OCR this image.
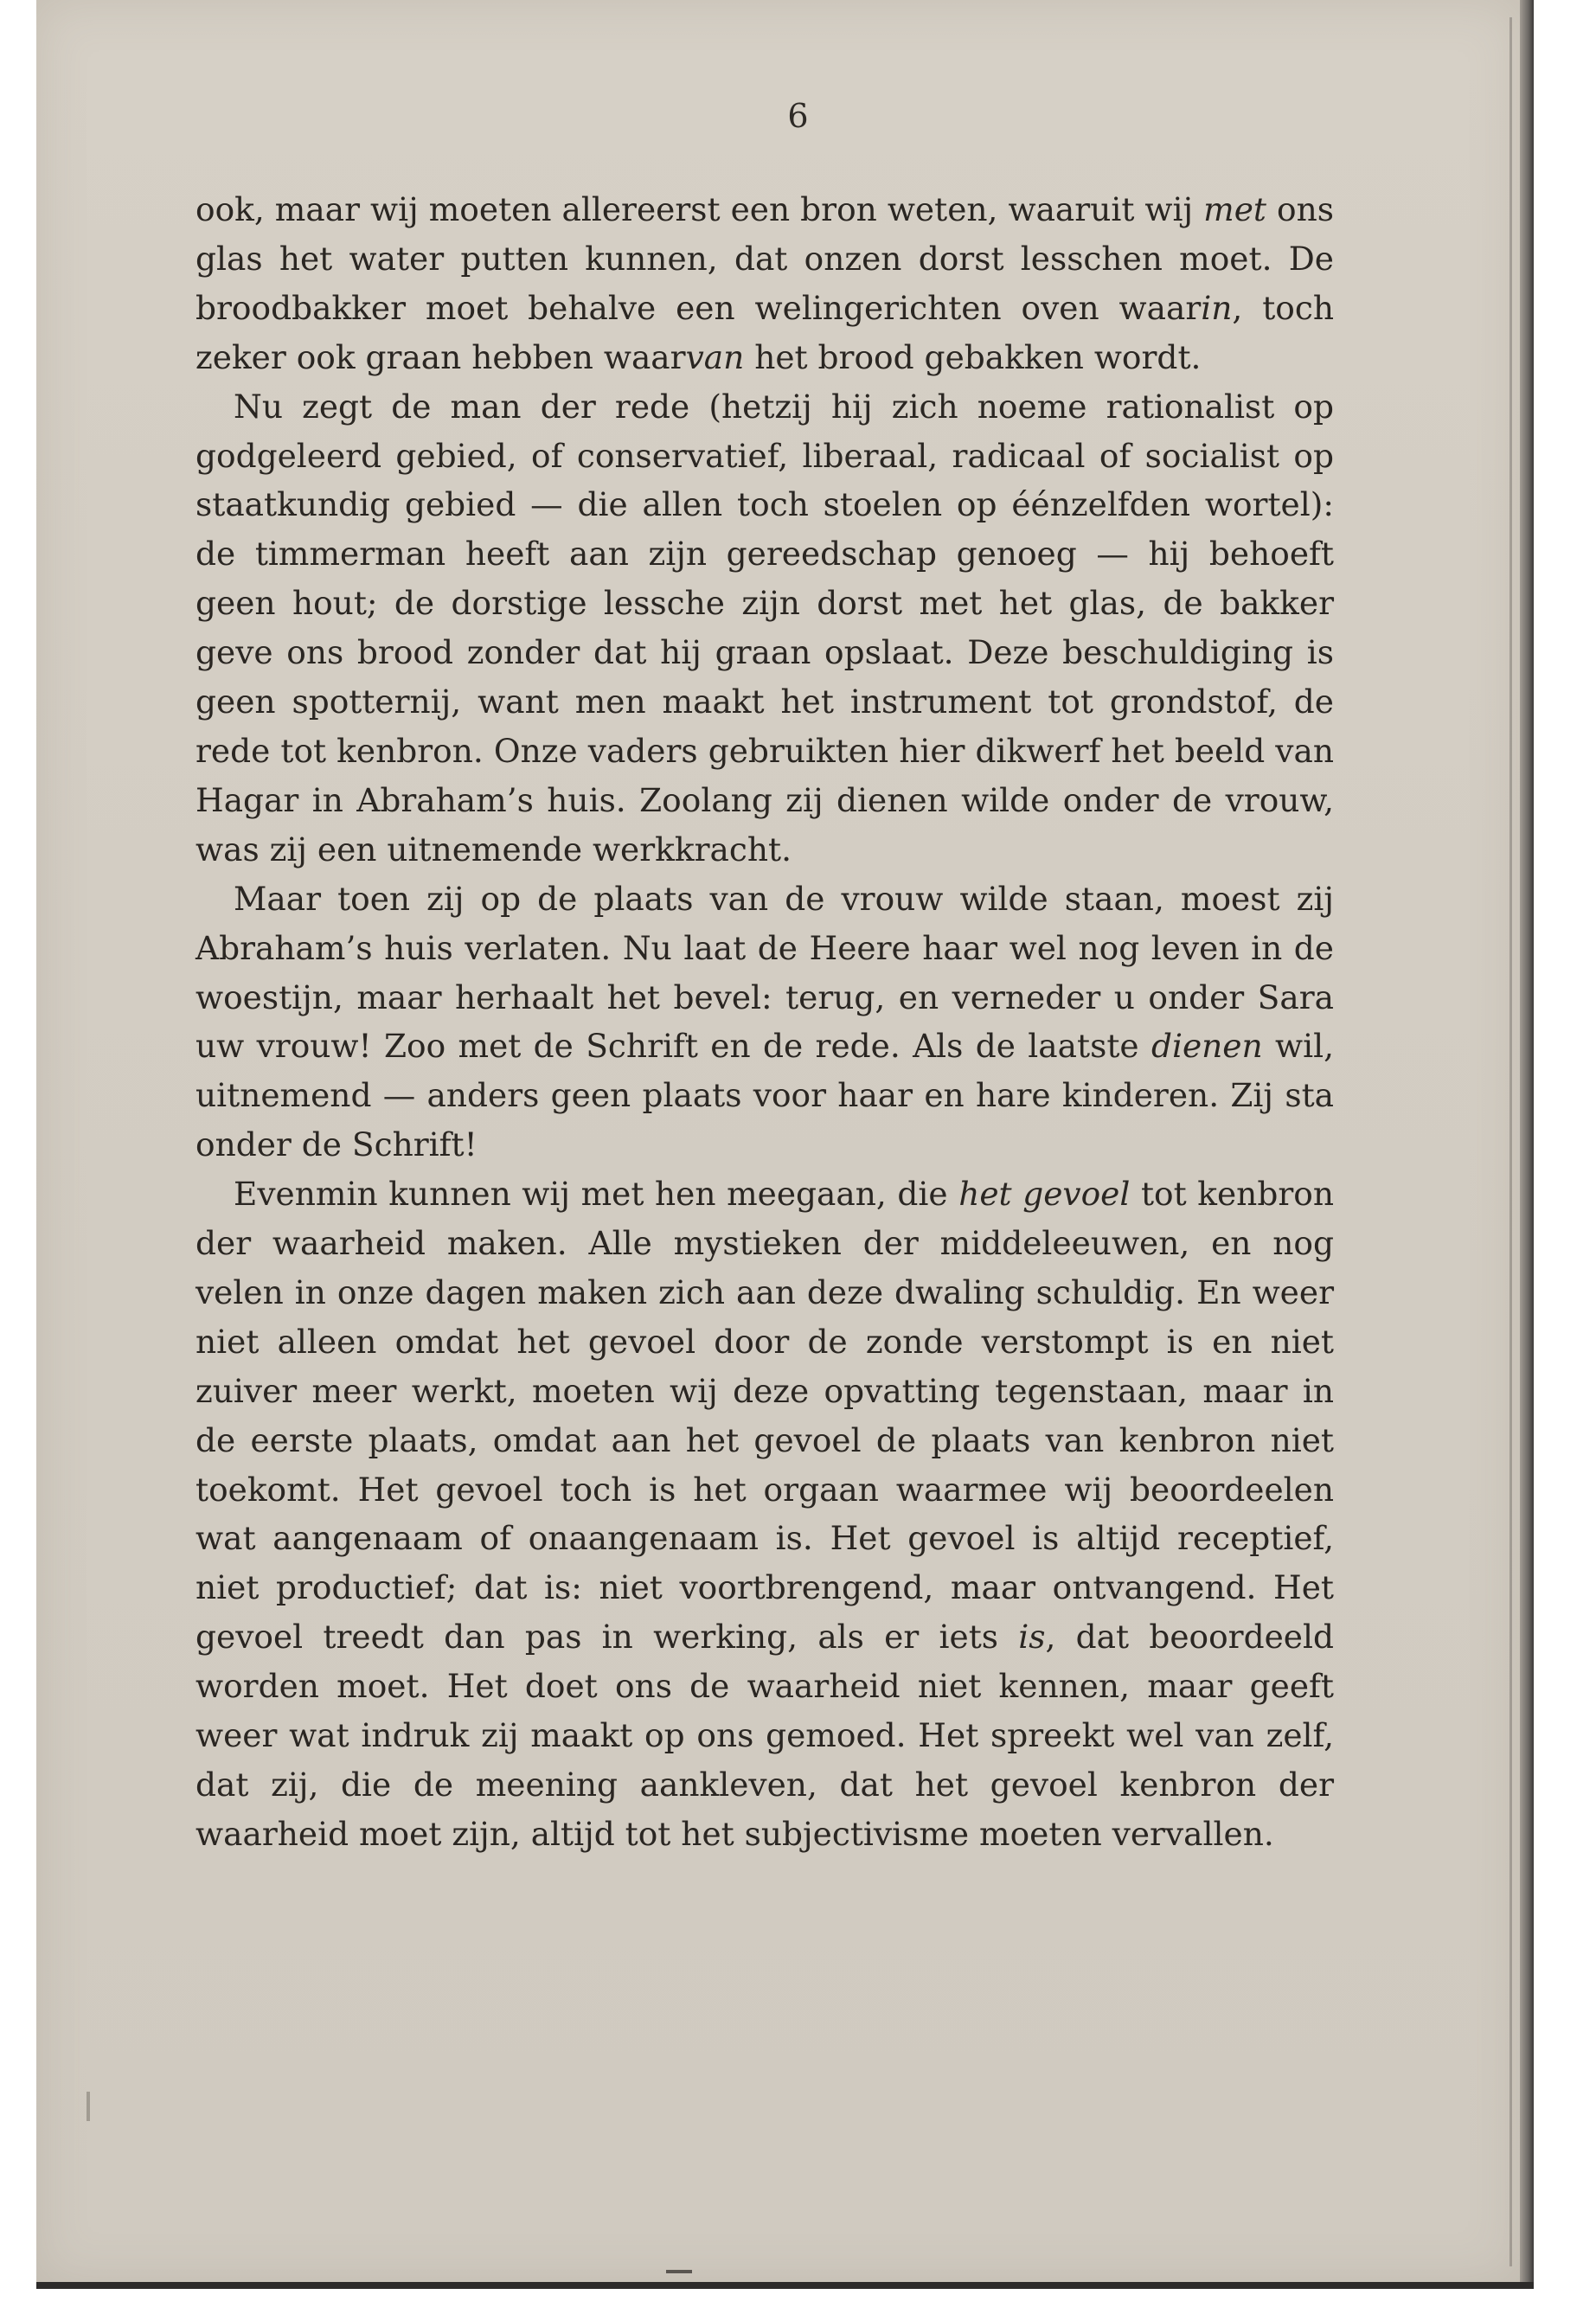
6

ook, maar wij moeten allereerst een bron weten, waaruit wij met ons glas het water putten kunnen, dat onzen dorst lesschen moet. De broodbakker moet behalve een welingerichten oven waarin, toch zeker ook graan hebben waarvan het brood gebakken wordt.

Nu zegt de man der rede (hetzij hij zich noeme rationalist op godgeleerd gebied, of conservatief, liberaal, radicaal of socialist op staatkundig gebied — die allen toch stoelen op éénzelfden wortel): de timmerman heeft aan zijn gereedschap genoeg — hij behoeft geen hout; de dorstige lessche zijn dorst met het glas, de bakker geve ons brood zonder dat hij graan opslaat. Deze beschuldiging is geen spotternij, want men maakt het instrument tot grondstof, de rede tot kenbron. Onze vaders gebruikten hier dikwerf het beeld van Hagar in Abraham’s huis. Zoolang zij dienen wilde onder de vrouw, was zij een uitnemende werkkracht.

Maar toen zij op de plaats van de vrouw wilde staan, moest zij Abraham’s huis verlaten. Nu laat de Heere haar wel nog leven in de woestijn, maar herhaalt het bevel: terug, en verneder u onder Sara uw vrouw! Zoo met de Schrift en de rede. Als de laatste dienen wil, uitnemend — anders geen plaats voor haar en hare kinderen. Zij sta onder de Schrift!

Evenmin kunnen wij met hen meegaan, die het gevoel tot kenbron der waarheid maken. Alle mystieken der middeleeuwen, en nog velen in onze dagen maken zich aan deze dwaling schuldig. En weer niet alleen omdat het gevoel door de zonde verstompt is en niet zuiver meer werkt, moeten wij deze opvatting tegenstaan, maar in de eerste plaats, omdat aan het gevoel de plaats van kenbron niet toekomt. Het gevoel toch is het orgaan waarmee wij beoordeelen wat aangenaam of onaangenaam is. Het gevoel is altijd receptief, niet productief; dat is: niet voortbrengend, maar ontvangend. Het gevoel treedt dan pas in werking, als er iets is, dat beoordeeld worden moet. Het doet ons de waarheid niet kennen, maar geeft weer wat indruk zij maakt op ons gemoed. Het spreekt wel van zelf, dat zij, die de meening aankleven, dat het gevoel kenbron der waarheid moet zijn, altijd tot het subjectivisme moeten vervallen.
